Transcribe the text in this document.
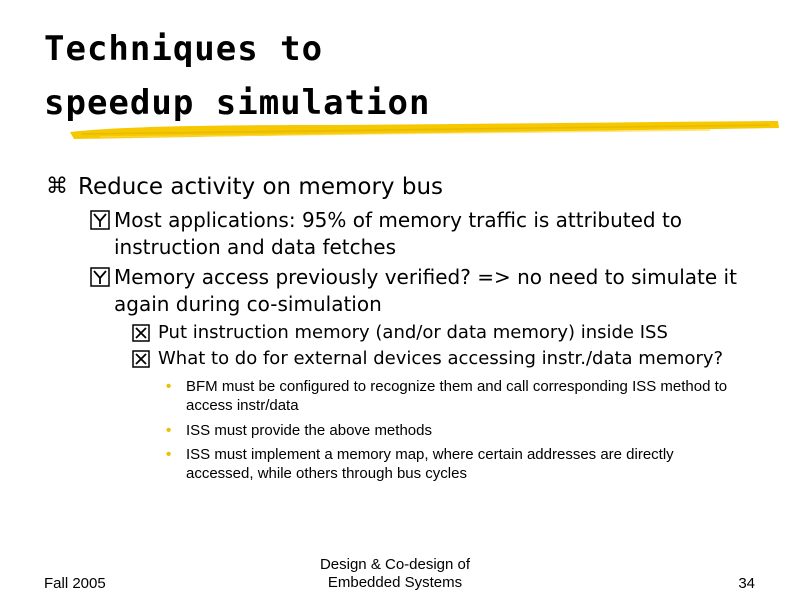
Techniques to
speedup simulation
⌘ Reduce activity on memory bus
Most applications: 95% of memory traffic is attributed to instruction and data fetches
Memory access previously verified? => no need to simulate it again during co-simulation
Put instruction memory (and/or data memory) inside ISS
What to do for external devices accessing instr./data memory?
• BFM must be configured to recognize them and call corresponding ISS method to access instr/data
• ISS must provide the above methods
• ISS must implement a memory map, where certain addresses are directly accessed, while others through bus cycles
Fall 2005
Design & Co-design of
Embedded Systems	34
